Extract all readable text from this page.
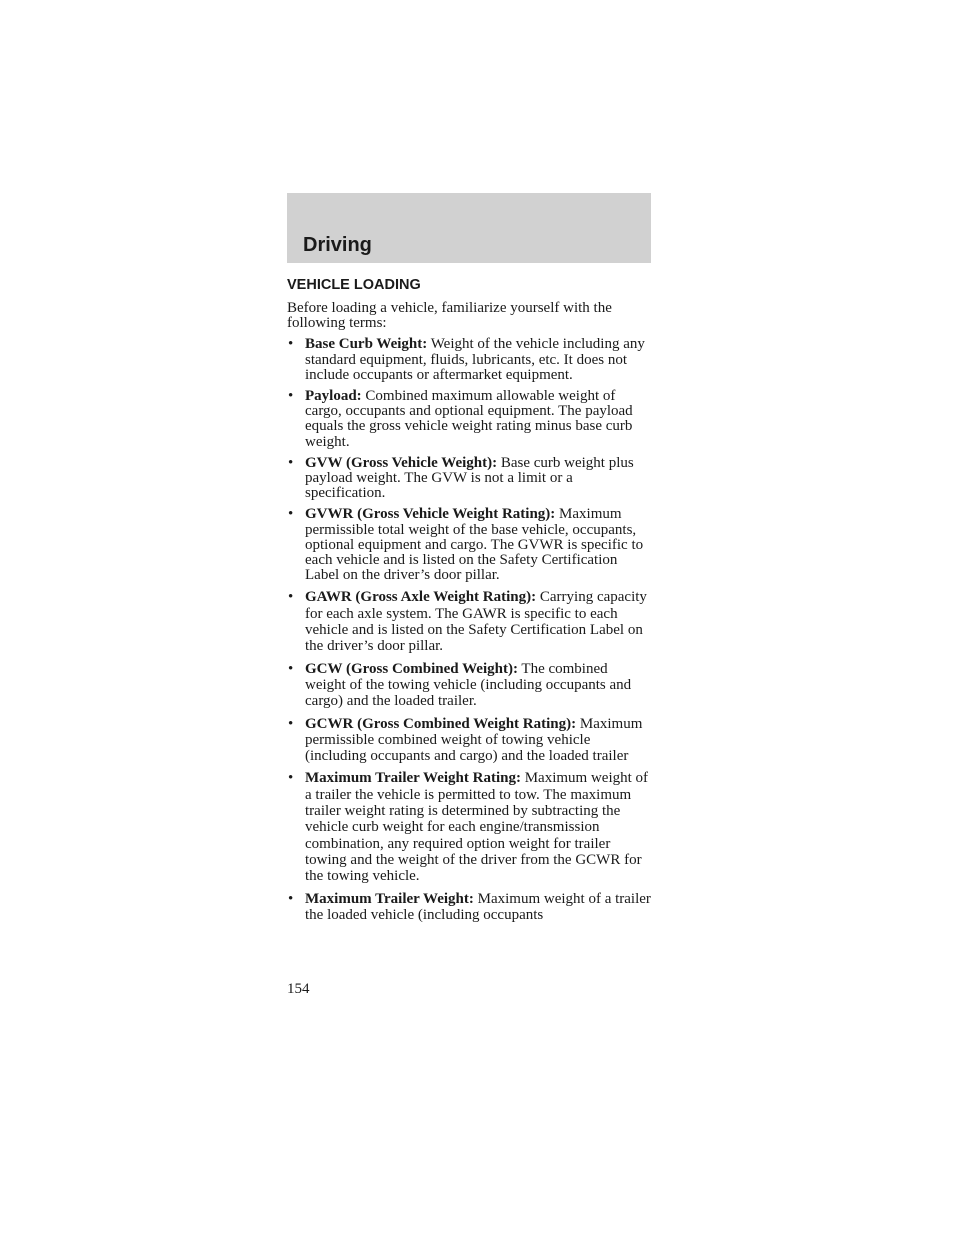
Driving
VEHICLE LOADING
Before loading a vehicle, familiarize yourself with the following terms:
• Base Curb Weight: Weight of the vehicle including any standard equipment, fluids, lubricants, etc. It does not include occupants or aftermarket equipment.
• Payload: Combined maximum allowable weight of cargo, occupants and optional equipment. The payload equals the gross vehicle weight rating minus base curb weight.
• GVW (Gross Vehicle Weight): Base curb weight plus payload weight. The GVW is not a limit or a specification.
• GVWR (Gross Vehicle Weight Rating): Maximum permissible total weight of the base vehicle, occupants, optional equipment and cargo. The GVWR is specific to each vehicle and is listed on the Safety Certification Label on the driver’s door pillar.
• GAWR (Gross Axle Weight Rating): Carrying capacity for each axle system. The GAWR is specific to each vehicle and is listed on the Safety Certification Label on the driver’s door pillar.
• GCW (Gross Combined Weight): The combined weight of the towing vehicle (including occupants and cargo) and the loaded trailer.
• GCWR (Gross Combined Weight Rating): Maximum permissible combined weight of towing vehicle (including occupants and cargo) and the loaded trailer
• Maximum Trailer Weight Rating: Maximum weight of a trailer the vehicle is permitted to tow. The maximum trailer weight rating is determined by subtracting the vehicle curb weight for each engine/transmission combination, any required option weight for trailer towing and the weight of the driver from the GCWR for the towing vehicle.
• Maximum Trailer Weight: Maximum weight of a trailer the loaded vehicle (including occupants
154
